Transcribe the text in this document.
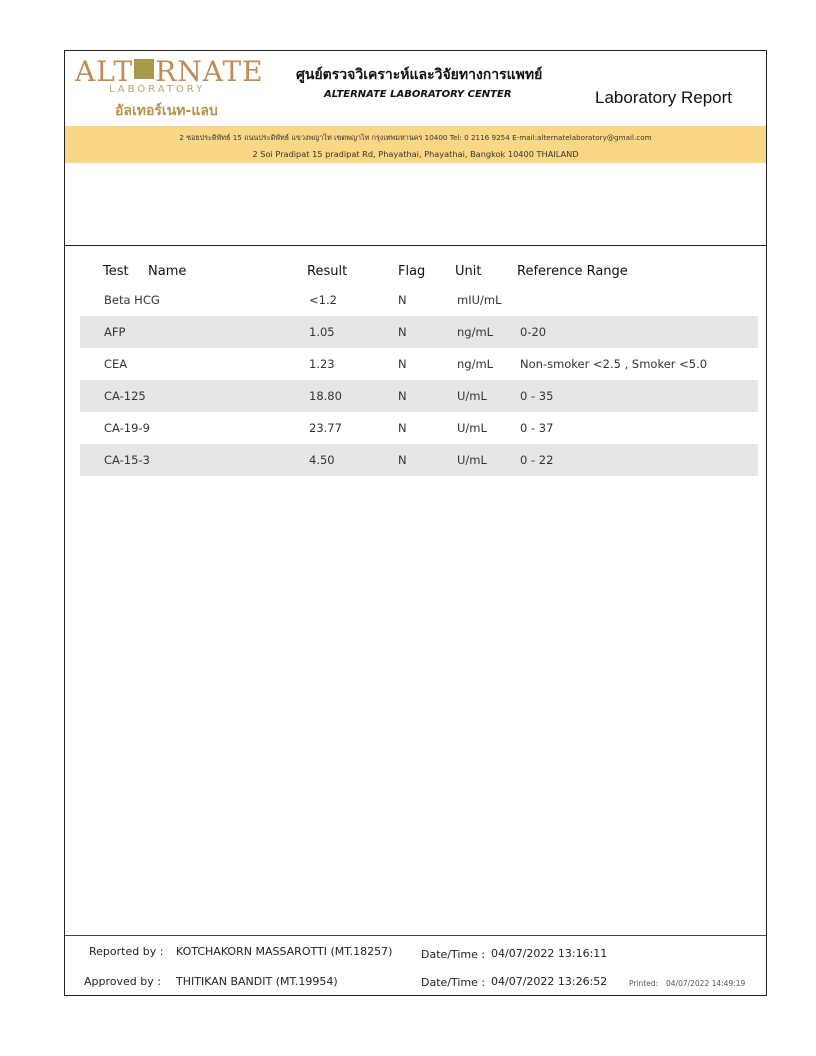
ALT RNATE
LABORATORY
อัลเทอร์เนท-แลบ
ศูนย์ตรวจวิเคราะห์และวิจัยทางการแพทย์
ALTERNATE LABORATORY CENTER	Laboratory Report
2 ซอยประดิพัทธ์ 15 ถนนประดิพัทธ์ แขวงพญาไท เขตพญาไท กรุงเทพมหานคร 10400 Tel: 0 2116 9254 E-mail:alternatelaboratory@gmail.com
2 Soi Pradipat 15 pradipat Rd, Phayathai, Phayathai, Bangkok 10400 THAILAND
Test Name	Result	Flag Unit	Reference Range
Beta HCG	<1.2	N	mIU/mL
AFP	1.05	N	ng/mL 0-20
CEA	1.23	N	ng/mL Non-smoker <2.5 , Smoker <5.0
CA-125	18.80	N	U/mL	0 - 35
CA-19-9	23.77	N	U/mL	0 - 37
CA-15-3	4.50	N	U/mL	0 - 22
Reported by : KOTCHAKORN MASSAROTTI (MT.18257)	Date/Time : 04/07/2022 13:16:11
Approved by : THITIKAN BANDIT (MT.19954)	Date/Time : 04/07/2022 13:26:52	Printed: 04/07/2022 14:49:19
